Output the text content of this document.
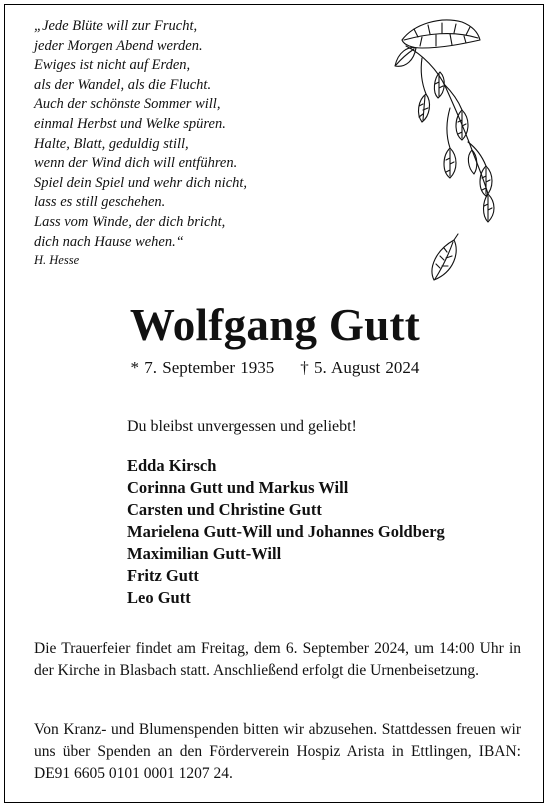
„Jede Blüte will zur Frucht,
jeder Morgen Abend werden.
Ewiges ist nicht auf Erden,
als der Wandel, als die Flucht.
Auch der schönste Sommer will,
einmal Herbst und Welke spüren.
Halte, Blatt, geduldig still,
wenn der Wind dich will entführen.
Spiel dein Spiel und wehr dich nicht,
lass es still geschehen.
Lass vom Winde, der dich bricht,
dich nach Hause wehen.“
H. Hesse
Wolfgang Gutt
* 7. September 1935 † 5. August 2024
Du bleibst unvergessen und geliebt!
Edda Kirsch
Corinna Gutt und Markus Will
Carsten und Christine Gutt
Marielena Gutt-Will und Johannes Goldberg
Maximilian Gutt-Will
Fritz Gutt
Leo Gutt
Die Trauerfeier findet am Freitag, dem 6. September 2024, um 14:00 Uhr in der Kirche in Blasbach statt. Anschließend erfolgt die Urnenbeisetzung.
Von Kranz- und Blumenspenden bitten wir abzusehen. Stattdessen freuen wir uns über Spenden an den Förderverein Hospiz Arista in Ettlingen, IBAN: DE91 6605 0101 0001 1207 24.
